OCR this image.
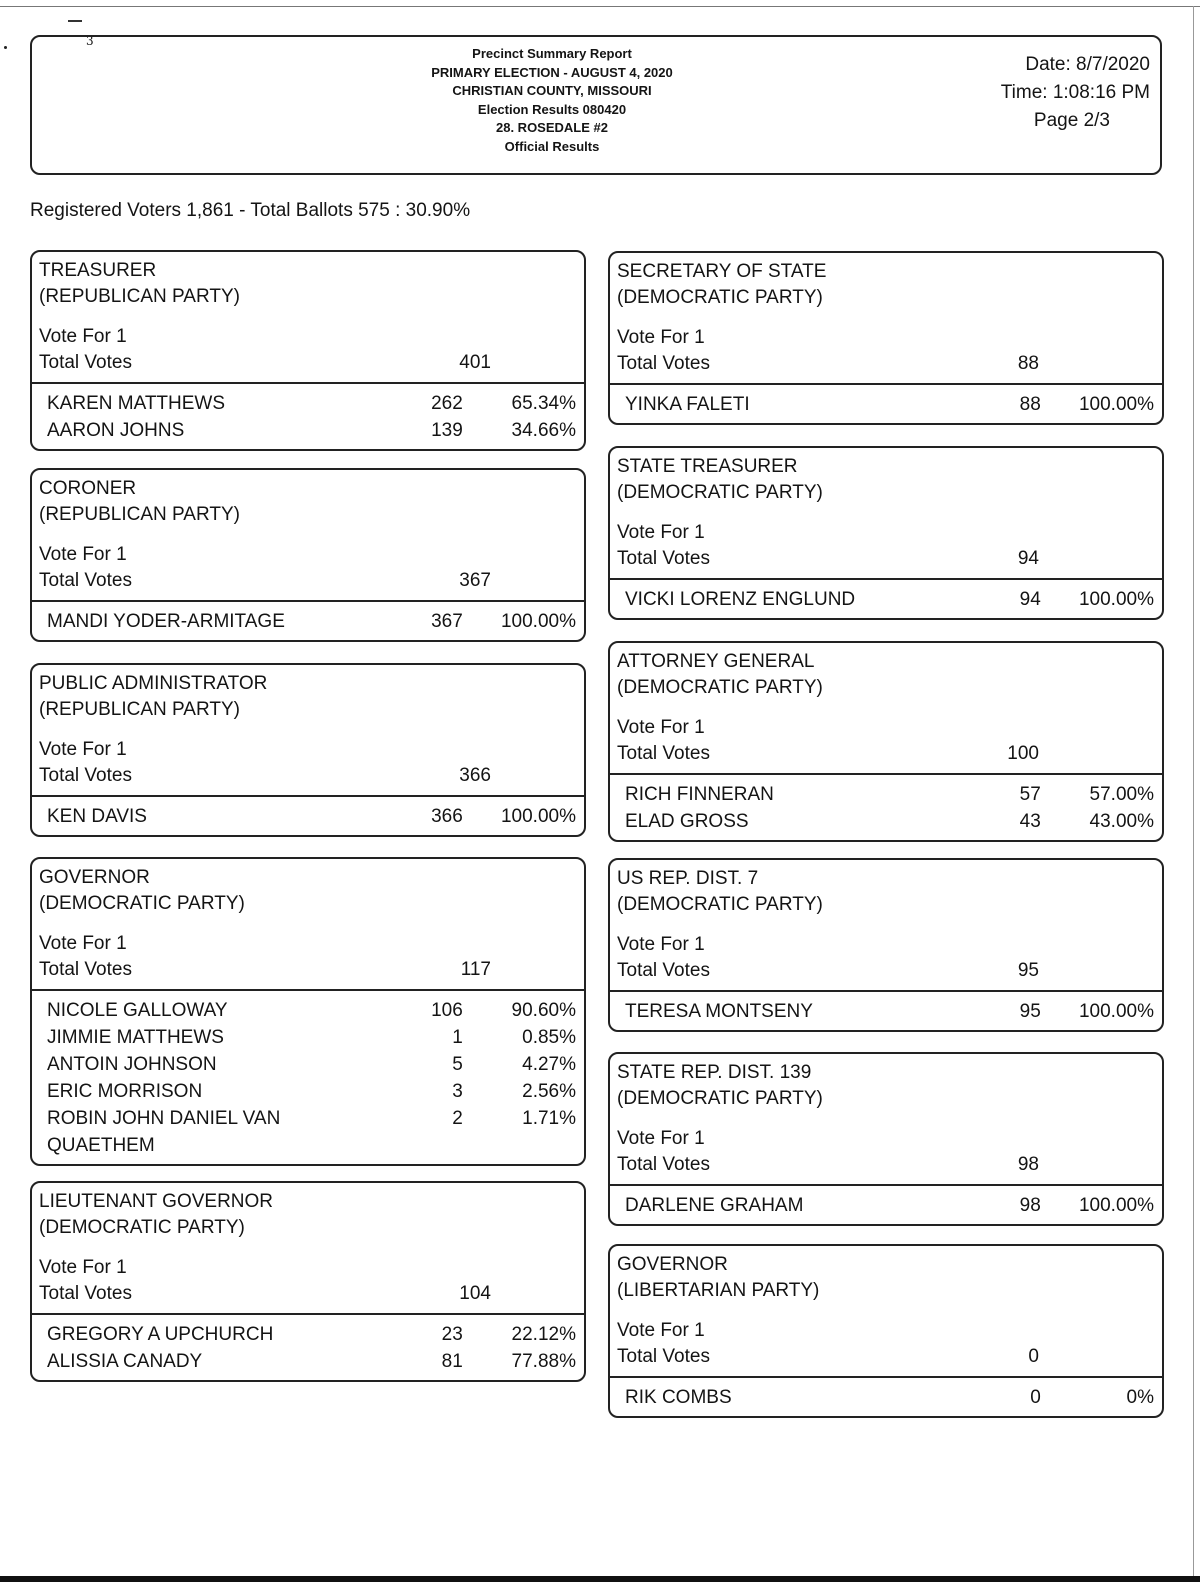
3
Precinct Summary Report
PRIMARY ELECTION - AUGUST 4, 2020
CHRISTIAN COUNTY, MISSOURI
Election Results 080420
28. ROSEDALE #2
Official Results
Date: 8/7/2020
Time: 1:08:16 PM
Page 2/3
Registered Voters 1,861 - Total Ballots 575 : 30.90%
TREASURER
(REPUBLICAN PARTY)
Vote For 1
Total Votes	401
KAREN MATTHEWS	262	65.34%
AARON JOHNS	139	34.66%
CORONER
(REPUBLICAN PARTY)
Vote For 1
Total Votes	367
MANDI YODER-ARMITAGE	367	100.00%
PUBLIC ADMINISTRATOR
(REPUBLICAN PARTY)
Vote For 1
Total Votes	366
KEN DAVIS	366	100.00%
GOVERNOR
(DEMOCRATIC PARTY)
Vote For 1
Total Votes	117
NICOLE GALLOWAY	106	90.60%
JIMMIE MATTHEWS	1	0.85%
ANTOIN JOHNSON	5	4.27%
ERIC MORRISON	3	2.56%
ROBIN JOHN DANIEL VAN	2	1.71%
QUAETHEM
LIEUTENANT GOVERNOR
(DEMOCRATIC PARTY)
Vote For 1
Total Votes	104
GREGORY A UPCHURCH	23	22.12%
ALISSIA CANADY	81	77.88%
SECRETARY OF STATE
(DEMOCRATIC PARTY)
Vote For 1
Total Votes	88
YINKA FALETI	88	100.00%
STATE TREASURER
(DEMOCRATIC PARTY)
Vote For 1
Total Votes	94
VICKI LORENZ ENGLUND	94	100.00%
ATTORNEY GENERAL
(DEMOCRATIC PARTY)
Vote For 1
Total Votes	100
RICH FINNERAN	57	57.00%
ELAD GROSS	43	43.00%
US REP. DIST. 7
(DEMOCRATIC PARTY)
Vote For 1
Total Votes	95
TERESA MONTSENY	95	100.00%
STATE REP. DIST. 139
(DEMOCRATIC PARTY)
Vote For 1
Total Votes	98
DARLENE GRAHAM	98	100.00%
GOVERNOR
(LIBERTARIAN PARTY)
Vote For 1
Total Votes	0
RIK COMBS	0	0%
